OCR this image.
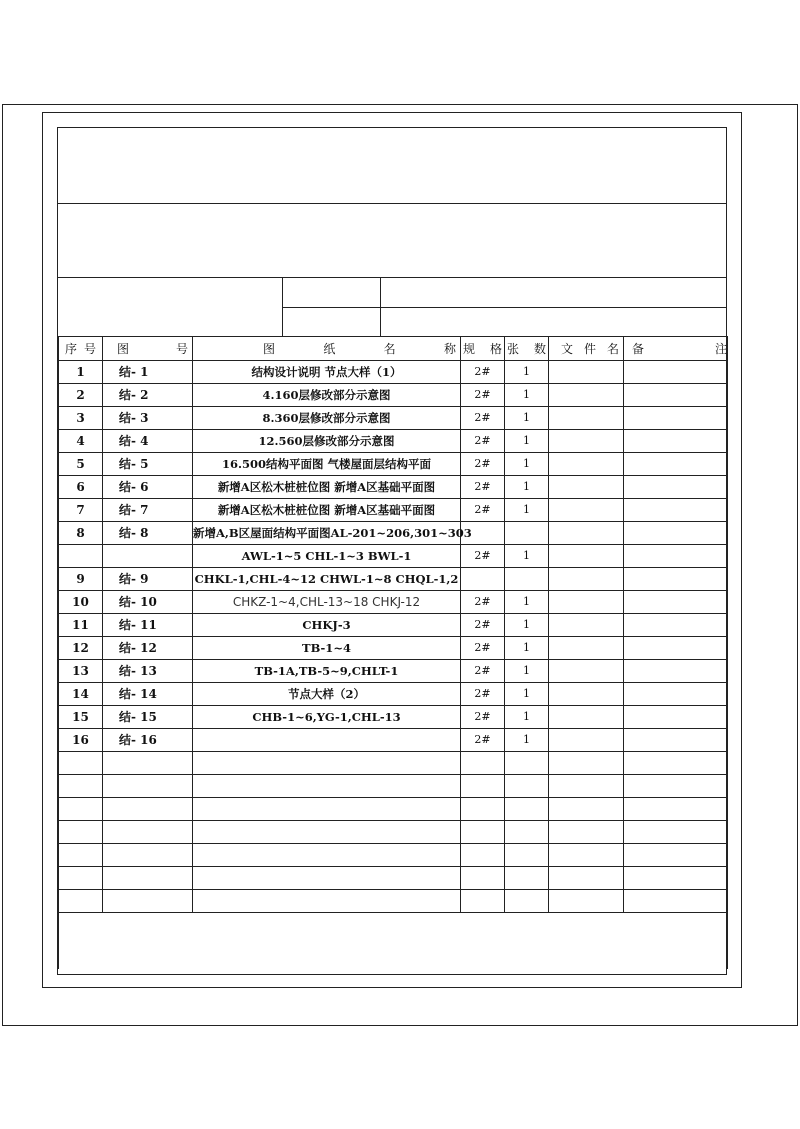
序 号	图 号	图 纸 名 称	规 格	张 数	文 件 名	备 注

1	结- 1	结构设计说明 节点大样（1）	2#	1		
2	结- 2	4.160层修改部分示意图	2#	1		
3	结- 3	8.360层修改部分示意图	2#	1		
4	结- 4	12.560层修改部分示意图	2#	1		
5	结- 5	16.500结构平面图 气楼屋面层结构平面	2#	1		
6	结- 6	新增A区松木桩桩位图 新增A区基础平面图	2#	1		
7	结- 7	新增A区松木桩桩位图 新增A区基础平面图	2#	1		
8	结- 8	新增A,B区屋面结构平面图AL-201~206,301~303				
		AWL-1~5 CHL-1~3 BWL-1	2#	1		
9	结- 9	CHKL-1,CHL-4~12 CHWL-1~8 CHQL-1,2				
10	结- 10	CHKZ-1~4,CHL-13~18 CHKJ-12	2#	1		
11	结- 11	CHKJ-3	2#	1		
12	结- 12	TB-1~4	2#	1		
13	结- 13	TB-1A,TB-5~9,CHLT-1	2#	1		
14	结- 14	节点大样（2）	2#	1		
15	结- 15	CHB-1~6,YG-1,CHL-13	2#	1		
16	结- 16		2#	1		
